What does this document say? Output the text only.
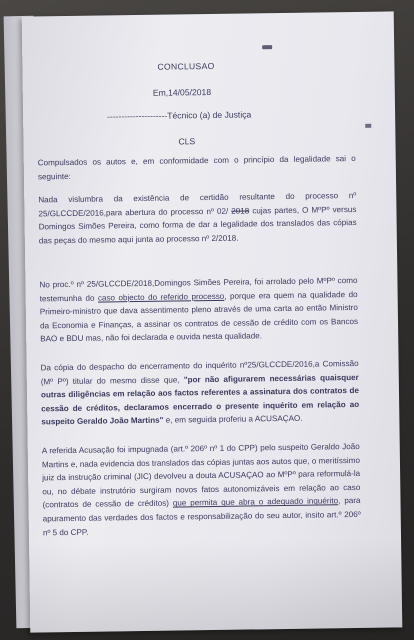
CONCLUSAO
Em,14/05/2018
---------------------Técnico (a) de Justiça
CLS
Compulsados os autos e, em conformidade com o princípio da legalidade sai o seguinte:
Nada vislumbra da existência de certidão resultante do processo nº 25/GLCCDE/2016,para abertura do processo nº 02/ 2018 cujas partes, O MºPº versus Domingos Simões Pereira, como forma de dar a legalidade dos translados das cópias das peças do mesmo aqui junta ao processo nº 2/2018.
No proc.º nº 25/GLCCDE/2018,Domingos Simões Pereira, foi arrolado pelo MºPº como testemunha do caso objecto do referido processo, porque era quem na qualidade do Primeiro-ministro que dava assentimento pleno através de uma carta ao então Ministro da Economia e Finanças, a assinar os contratos de cessão de crédito com os Bancos BAO e BDU mas, não foi declarada e ouvida nesta qualidade.
Da cópia do despacho do encerramento do inquérito nº25/GLCCDE/2016,a Comissão (Mº Pº) titular do mesmo disse que, "por não afigurarem necessárias quaisquer outras diligências em relação aos factos referentes a assinatura dos contratos de cessão de créditos, declaramos encerrado o presente inquérito em relação ao suspeito Geraldo João Martins" e, em seguida proferiu a ACUSAÇAO.
A referida Acusação foi impugnada (art.º 206º nº 1 do CPP) pelo suspeito Geraldo João Martins e, nada evidencia dos translados das cópias juntas aos autos que, o meritíssimo juiz da instrução criminal (JIC) devolveu a douta ACUSAÇAO ao MºPº para reformulá-la ou, no débate instrutório surgiram novos fatos autonomizáveis em relação ao caso (contratos de cessão de créditos) que permita que abra o adequado inquérito, para apuramento das verdades dos factos e responsabilização do seu autor, insito art.º 206º nº 5 do CPP.
